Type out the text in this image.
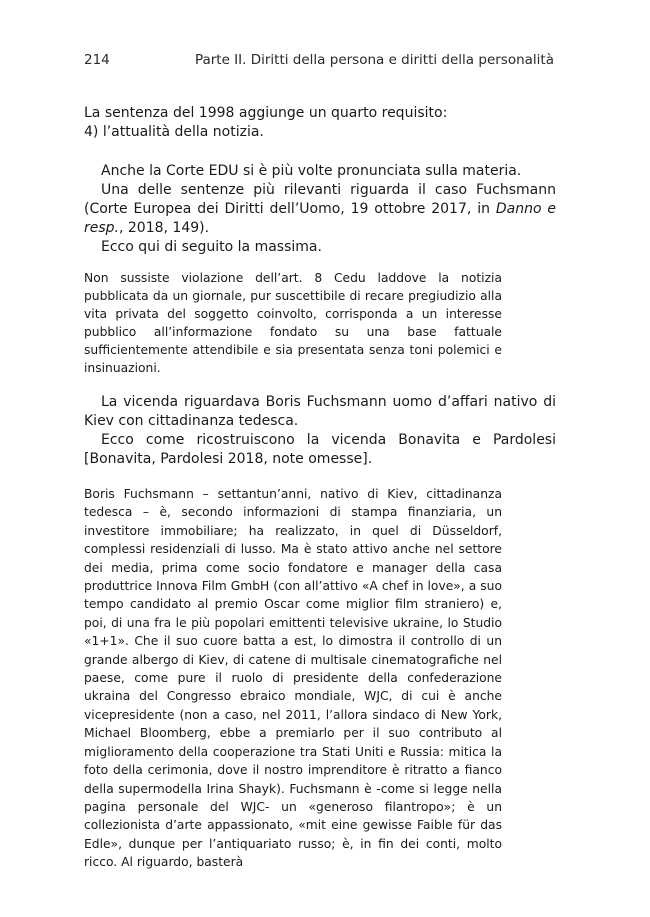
214	Parte II. Diritti della persona e diritti della personalità

La sentenza del 1998 aggiunge un quarto requisito:

4) l’attualità della notizia.

Anche la Corte EDU si è più volte pronunciata sulla materia.

Una delle sentenze più rilevanti riguarda il caso Fuchsmann (Corte Europea dei Diritti dell’Uomo, 19 ottobre 2017, in Danno e resp., 2018, 149).

Ecco qui di seguito la massima.

Non sussiste violazione dell’art. 8 Cedu laddove la notizia pubblicata da un giornale, pur suscettibile di recare pregiudizio alla vita privata del soggetto coinvolto, corrisponda a un interesse pubblico all’informazione fondato su una base fattuale sufficientemente attendibile e sia presentata senza toni polemici e insinuazioni.

La vicenda riguardava Boris Fuchsmann uomo d’affari nativo di Kiev con cittadinanza tedesca.

Ecco come ricostruiscono la vicenda Bonavita e Pardolesi [Bonavita, Pardolesi 2018, note omesse].

Boris Fuchsmann – settantun’anni, nativo di Kiev, cittadinanza tedesca – è, secondo informazioni di stampa finanziaria, un investitore immobiliare; ha realizzato, in quel di Düsseldorf, complessi residenziali di lusso. Ma è stato attivo anche nel settore dei media, prima come socio fondatore e manager della casa produttrice Innova Film GmbH (con all’attivo «A chef in love», a suo tempo candidato al premio Oscar come miglior film straniero) e, poi, di una fra le più popolari emittenti televisive ukraine, lo Studio «1+1». Che il suo cuore batta a est, lo dimostra il controllo di un grande albergo di Kiev, di catene di multisale cinematografiche nel paese, come pure il ruolo di presidente della confederazione ukraina del Congresso ebraico mondiale, WJC, di cui è anche vicepresidente (non a caso, nel 2011, l’allora sindaco di New York, Michael Bloomberg, ebbe a premiarlo per il suo contributo al miglioramento della cooperazione tra Stati Uniti e Russia: mitica la foto della cerimonia, dove il nostro imprenditore è ritratto a fianco della supermodella Irina Shayk). Fuchsmann è -come si legge nella pagina personale del WJC- un «generoso filantropo»; è un collezionista d’arte appassionato, «mit eine gewisse Faible für das Edle», dunque per l’antiquariato russo; è, in fin dei conti, molto ricco. Al riguardo, basterà
